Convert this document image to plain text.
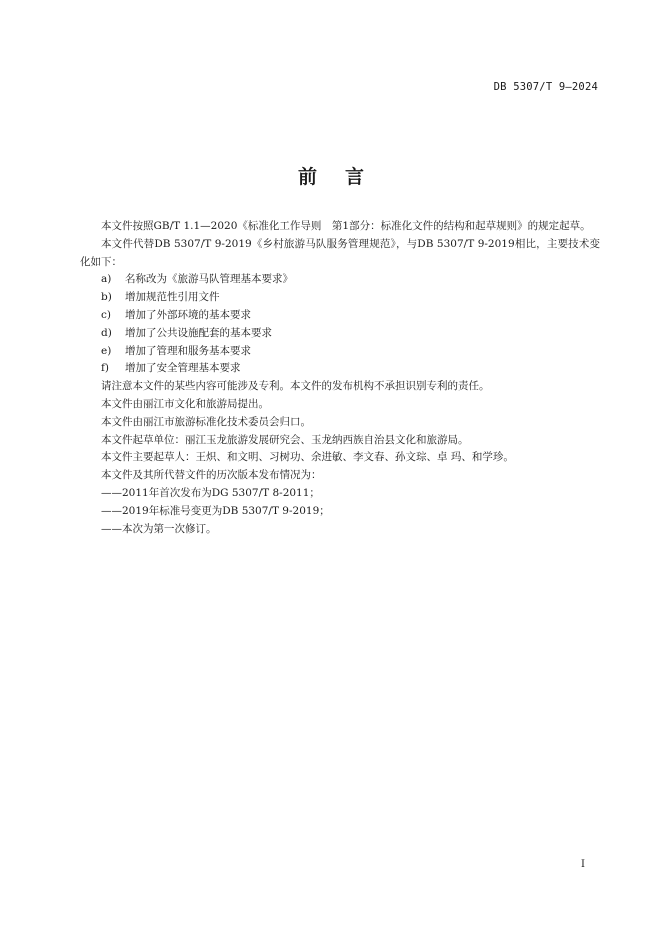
DB 5307/T 9—2024
前言

本文件按照GB/T 1.1—2020《标准化工作导则　第1部分：标准化文件的结构和起草规则》的规定起草。

本文件代替DB 5307/T 9-2019《乡村旅游马队服务管理规范》，与DB 5307/T 9-2019相比，主要技术变化如下：

a) 名称改为《旅游马队管理基本要求》
b) 增加规范性引用文件
c) 增加了外部环境的基本要求
d) 增加了公共设施配套的基本要求
e) 增加了管理和服务基本要求
f) 增加了安全管理基本要求

请注意本文件的某些内容可能涉及专利。本文件的发布机构不承担识别专利的责任。

本文件由丽江市文化和旅游局提出。

本文件由丽江市旅游标准化技术委员会归口。

本文件起草单位：丽江玉龙旅游发展研究会、玉龙纳西族自治县文化和旅游局。

本文件主要起草人：王炽、和文明、习树功、余进敏、李文春、孙文琮、卓 玛、和学珍。

本文件及其所代替文件的历次版本发布情况为：

——2011年首次发布为DG 5307/T 8-2011；

——2019年标准号变更为DB 5307/T 9-2019；

——本次为第一次修订。

I
